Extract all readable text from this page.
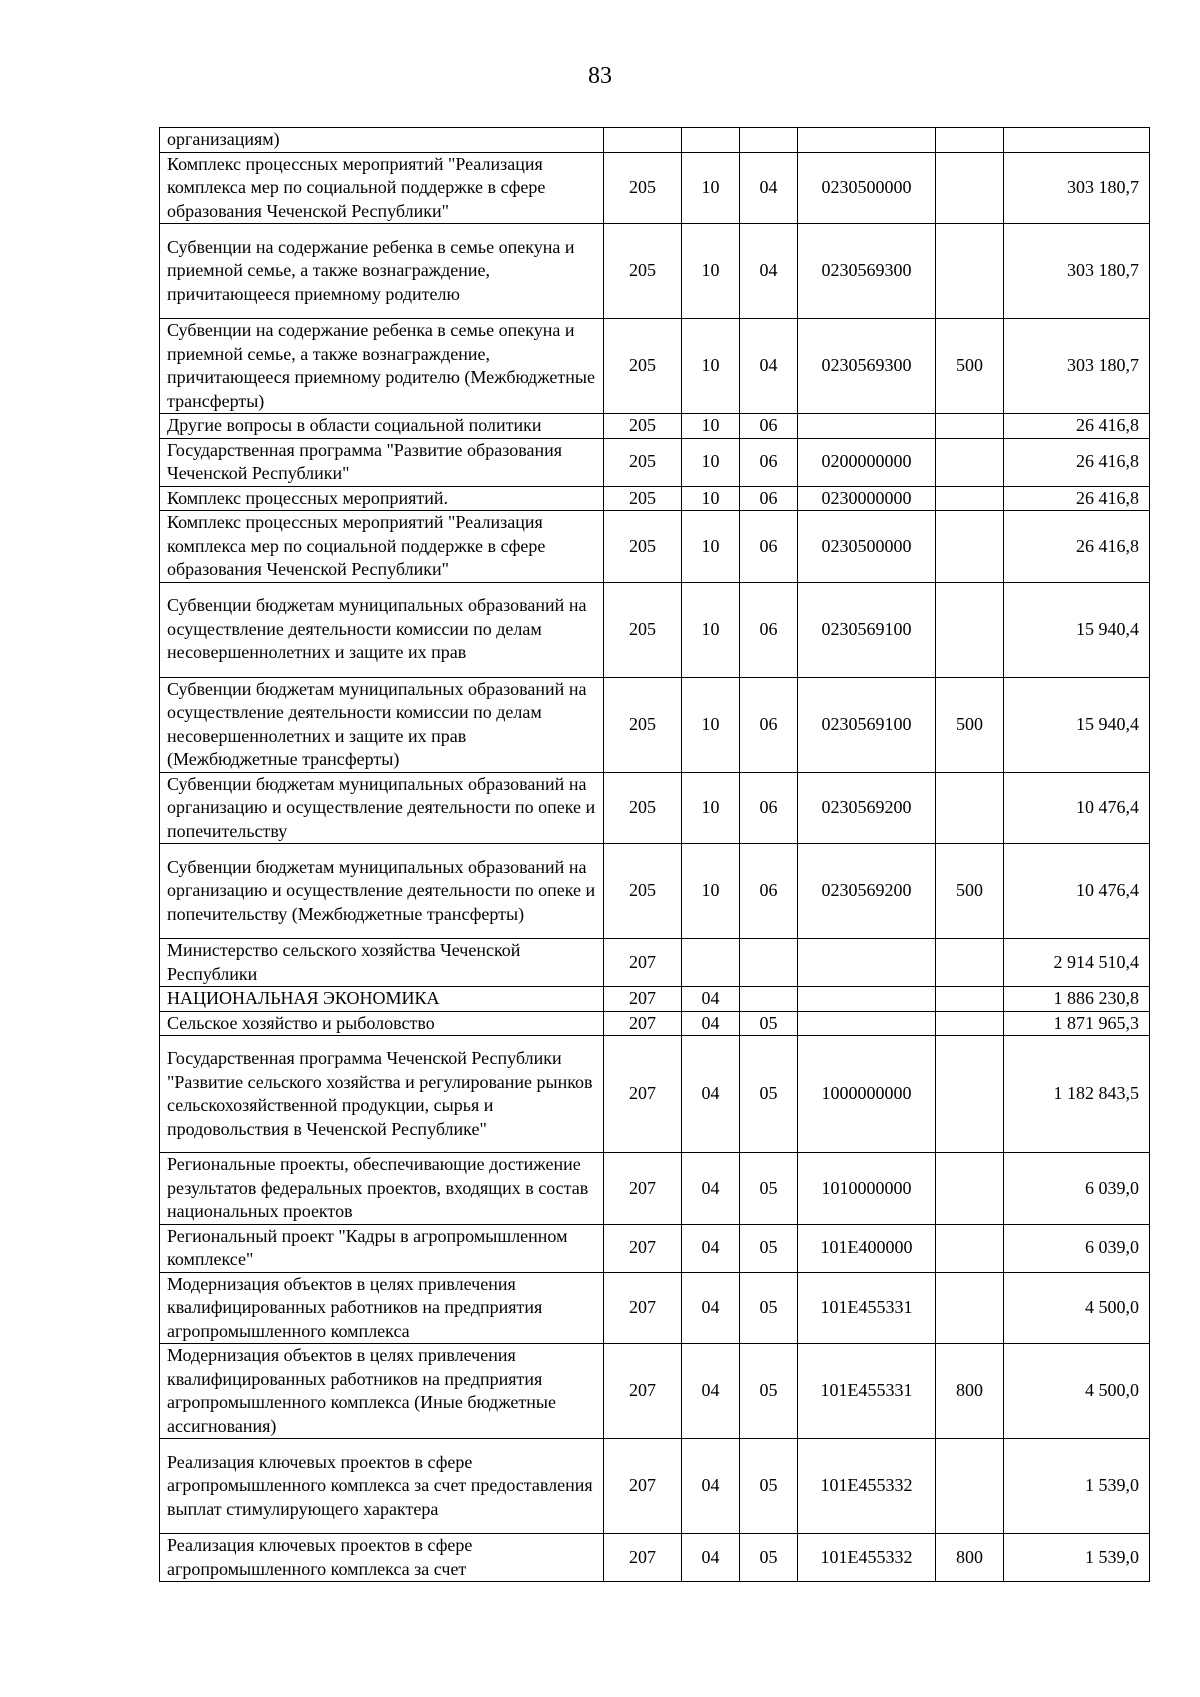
83
организациям)						
Комплекс процессных мероприятий "Реализация комплекса мер по социальной поддержке в сфере образования Чеченской Республики"	205	10	04	0230500000		303 180,7
Субвенции на содержание ребенка в семье опекуна и приемной семье, а также вознаграждение, причитающееся приемному родителю	205	10	04	0230569300		303 180,7
Субвенции на содержание ребенка в семье опекуна и приемной семье, а также вознаграждение, причитающееся приемному родителю (Межбюджетные трансферты)	205	10	04	0230569300	500	303 180,7
Другие вопросы в области социальной политики	205	10	06			26 416,8
Государственная программа "Развитие образования Чеченской Республики"	205	10	06	0200000000		26 416,8
Комплекс процессных мероприятий.	205	10	06	0230000000		26 416,8
Комплекс процессных мероприятий "Реализация комплекса мер по социальной поддержке в сфере образования Чеченской Республики"	205	10	06	0230500000		26 416,8
Субвенции бюджетам муниципальных образований на осуществление деятельности комиссии по делам несовершеннолетних и защите их прав	205	10	06	0230569100		15 940,4
Субвенции бюджетам муниципальных образований на осуществление деятельности комиссии по делам несовершеннолетних и защите их прав (Межбюджетные трансферты)	205	10	06	0230569100	500	15 940,4
Субвенции бюджетам муниципальных образований на организацию и осуществление деятельности по опеке и попечительству	205	10	06	0230569200		10 476,4
Субвенции бюджетам муниципальных образований на организацию и осуществление деятельности по опеке и попечительству (Межбюджетные трансферты)	205	10	06	0230569200	500	10 476,4
Министерство сельского хозяйства Чеченской Республики	207					2 914 510,4
НАЦИОНАЛЬНАЯ ЭКОНОМИКА	207	04				1 886 230,8
Сельское хозяйство и рыболовство	207	04	05			1 871 965,3
Государственная программа Чеченской Республики "Развитие сельского хозяйства и регулирование рынков сельскохозяйственной продукции, сырья и продовольствия в Чеченской Республике"	207	04	05	1000000000		1 182 843,5
Региональные проекты, обеспечивающие достижение результатов федеральных проектов, входящих в состав национальных проектов	207	04	05	1010000000		6 039,0
Региональный проект "Кадры в агропромышленном комплексе"	207	04	05	101E400000		6 039,0
Модернизация объектов в целях привлечения квалифицированных работников на предприятия агропромышленного комплекса	207	04	05	101E455331		4 500,0
Модернизация объектов в целях привлечения квалифицированных работников на предприятия агропромышленного комплекса (Иные бюджетные ассигнования)	207	04	05	101E455331	800	4 500,0
Реализация ключевых проектов в сфере агропромышленного комплекса за счет предоставления выплат стимулирующего характера	207	04	05	101E455332		1 539,0
Реализация ключевых проектов в сфере агропромышленного комплекса за счет	207	04	05	101E455332	800	1 539,0
